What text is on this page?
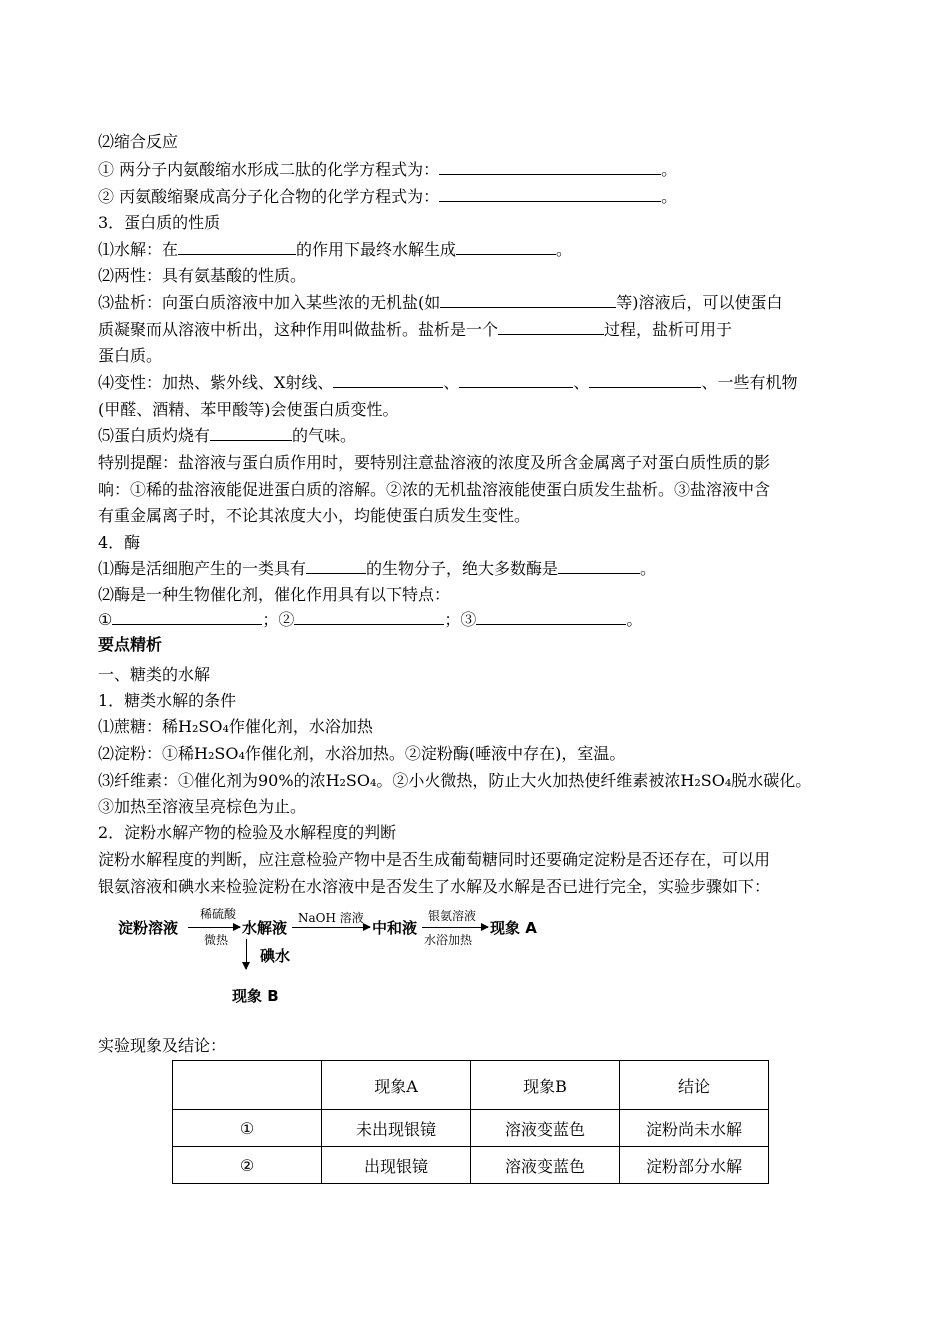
⑵缩合反应
① 两分子内氨酸缩水形成二肽的化学方程式为：	。
② 丙氨酸缩聚成高分子化合物的化学方程式为：	。
3．蛋白质的性质
⑴水解：在	的作用下最终水解生成	。
⑵两性：具有氨基酸的性质。
⑶盐析：向蛋白质溶液中加入某些浓的无机盐(如	等)溶液后，可以使蛋白
质凝聚而从溶液中析出，这种作用叫做盐析。盐析是一个	过程，盐析可用于
蛋白质。
⑷变性：加热、紫外线、X射线、	、	、	、一些有机物
(甲醛、酒精、苯甲酸等)会使蛋白质变性。
⑸蛋白质灼烧有	的气味。
特别提醒：盐溶液与蛋白质作用时，要特别注意盐溶液的浓度及所含金属离子对蛋白质性质的影
响：①稀的盐溶液能促进蛋白质的溶解。②浓的无机盐溶液能使蛋白质发生盐析。③盐溶液中含
有重金属离子时，不论其浓度大小，均能使蛋白质发生变性。
4．酶
⑴酶是活细胞产生的一类具有	的生物分子，绝大多数酶是	。
⑵酶是一种生物催化剂，催化作用具有以下特点：
①	；②	；③	。
要点精析
一、糖类的水解
1．糖类水解的条件
⑴蔗糖：稀H₂SO₄作催化剂，水浴加热
⑵淀粉：①稀H₂SO₄作催化剂，水浴加热。②淀粉酶(唾液中存在)，室温。
⑶纤维素：①催化剂为90%的浓H₂SO₄。②小火微热，防止大火加热使纤维素被浓H₂SO₄脱水碳化。
③加热至溶液呈亮棕色为止。
2．淀粉水解产物的检验及水解程度的判断
淀粉水解程度的判断，应注意检验产物中是否生成葡萄糖同时还要确定淀粉是否还存在，可以用
银氨溶液和碘水来检验淀粉在水溶液中是否发生了水解及水解是否已进行完全，实验步骤如下：
淀粉溶液
稀硫酸
微热
水解液
NaOH 溶液
中和液
银氨溶液
水浴加热
现象 A
碘水
现象 B
实验现象及结论：
	现象A	现象B	结论
①	未出现银镜	溶液变蓝色	淀粉尚未水解
②	出现银镜	溶液变蓝色	淀粉部分水解
